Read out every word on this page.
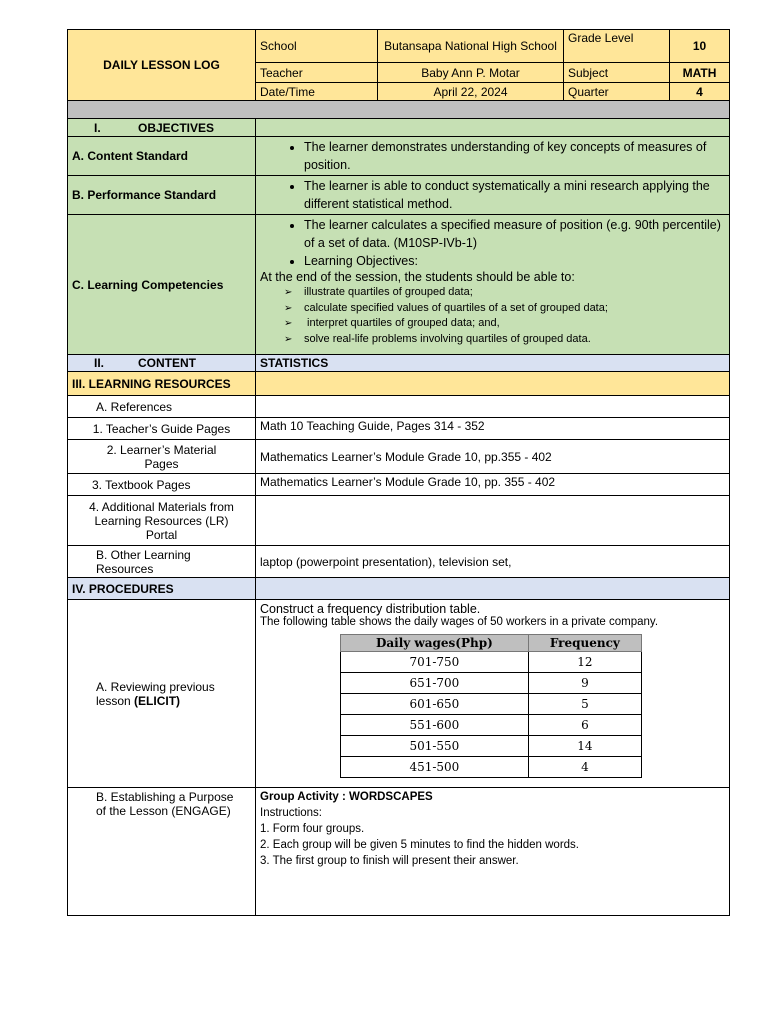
DAILY LESSON LOG	School	Butansapa National High School	Grade Level	10
Teacher	Baby Ann P. Motar	Subject	MATH
Date/Time	April 22, 2024	Quarter	4

I.	OBJECTIVES	
A. Content Standard	
• The learner demonstrates understanding of key concepts of measures of position.

B. Performance Standard	
• The learner is able to conduct systematically a mini research applying the different statistical method.

C. Learning Competencies	
• The learner calculates a specified measure of position (e.g. 90th percentile) of a set of data. (M10SP-IVb-1)
• Learning Objectives:
At the end of the session, the students should be able to:
➢ illustrate quartiles of grouped data;
➢ calculate specified values of quartiles of a set of grouped data;
➢ interpret quartiles of grouped data; and,
➢ solve real-life problems involving quartiles of grouped data.

II.	CONTENT	STATISTICS
III. LEARNING RESOURCES	
A. References	
1. Teacher’s Guide Pages	Math 10 Teaching Guide, Pages 314 - 352
2. Learner’s Material Pages	Mathematics Learner’s Module Grade 10, pp.355 - 402
3. Textbook Pages	Mathematics Learner’s Module Grade 10, pp. 355 - 402
4. Additional Materials from Learning Resources (LR) Portal	
B. Other Learning Resources	laptop (powerpoint presentation), television set,
IV. PROCEDURES	
A. Reviewing previous lesson (ELICIT)	
Construct a frequency distribution table.
The following table shows the daily wages of 50 workers in a private company.
Daily wages(Php)	Frequency
701-750	12
651-700	9
601-650	5
551-600	6
501-550	14
451-500	4

B. Establishing a Purpose of the Lesson (ENGAGE)	
Group Activity : WORDSCAPES
Instructions:
1. Form four groups.
2. Each group will be given 5 minutes to find the hidden words.
3. The first group to finish will present their answer.
